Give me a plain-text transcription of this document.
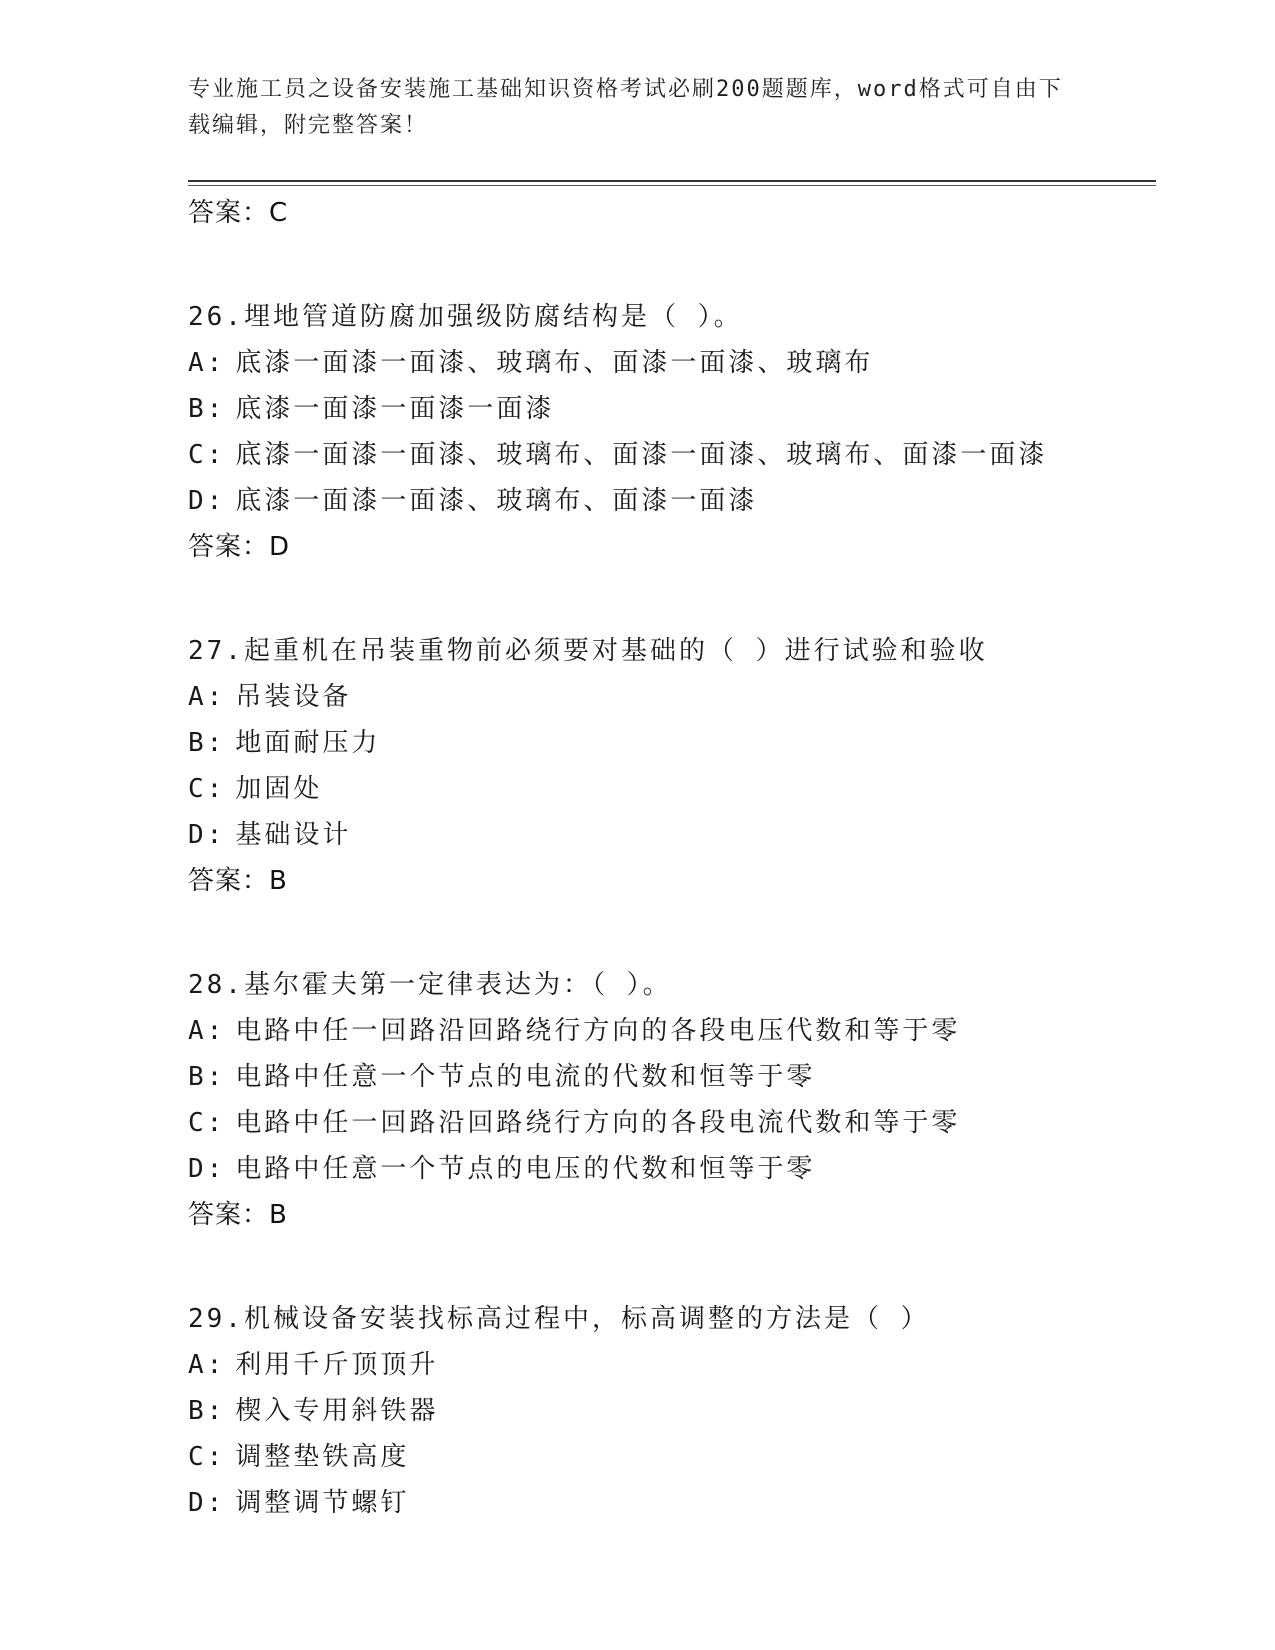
专业施工员之设备安装施工基础知识资格考试必刷200题题库，word格式可自由下载编辑，附完整答案！
答案：C
26.埋地管道防腐加强级防腐结构是（ ）。
A: 底漆一面漆一面漆、玻璃布、面漆一面漆、玻璃布
B: 底漆一面漆一面漆一面漆
C: 底漆一面漆一面漆、玻璃布、面漆一面漆、玻璃布、面漆一面漆
D: 底漆一面漆一面漆、玻璃布、面漆一面漆
答案：D
27.起重机在吊装重物前必须要对基础的（ ）进行试验和验收
A: 吊装设备
B: 地面耐压力
C: 加固处
D: 基础设计
答案：B
28.基尔霍夫第一定律表达为：（ ）。
A: 电路中任一回路沿回路绕行方向的各段电压代数和等于零
B: 电路中任意一个节点的电流的代数和恒等于零
C: 电路中任一回路沿回路绕行方向的各段电流代数和等于零
D: 电路中任意一个节点的电压的代数和恒等于零
答案：B
29.机械设备安装找标高过程中，标高调整的方法是（ ）
A: 利用千斤顶顶升
B: 楔入专用斜铁器
C: 调整垫铁高度
D: 调整调节螺钉
